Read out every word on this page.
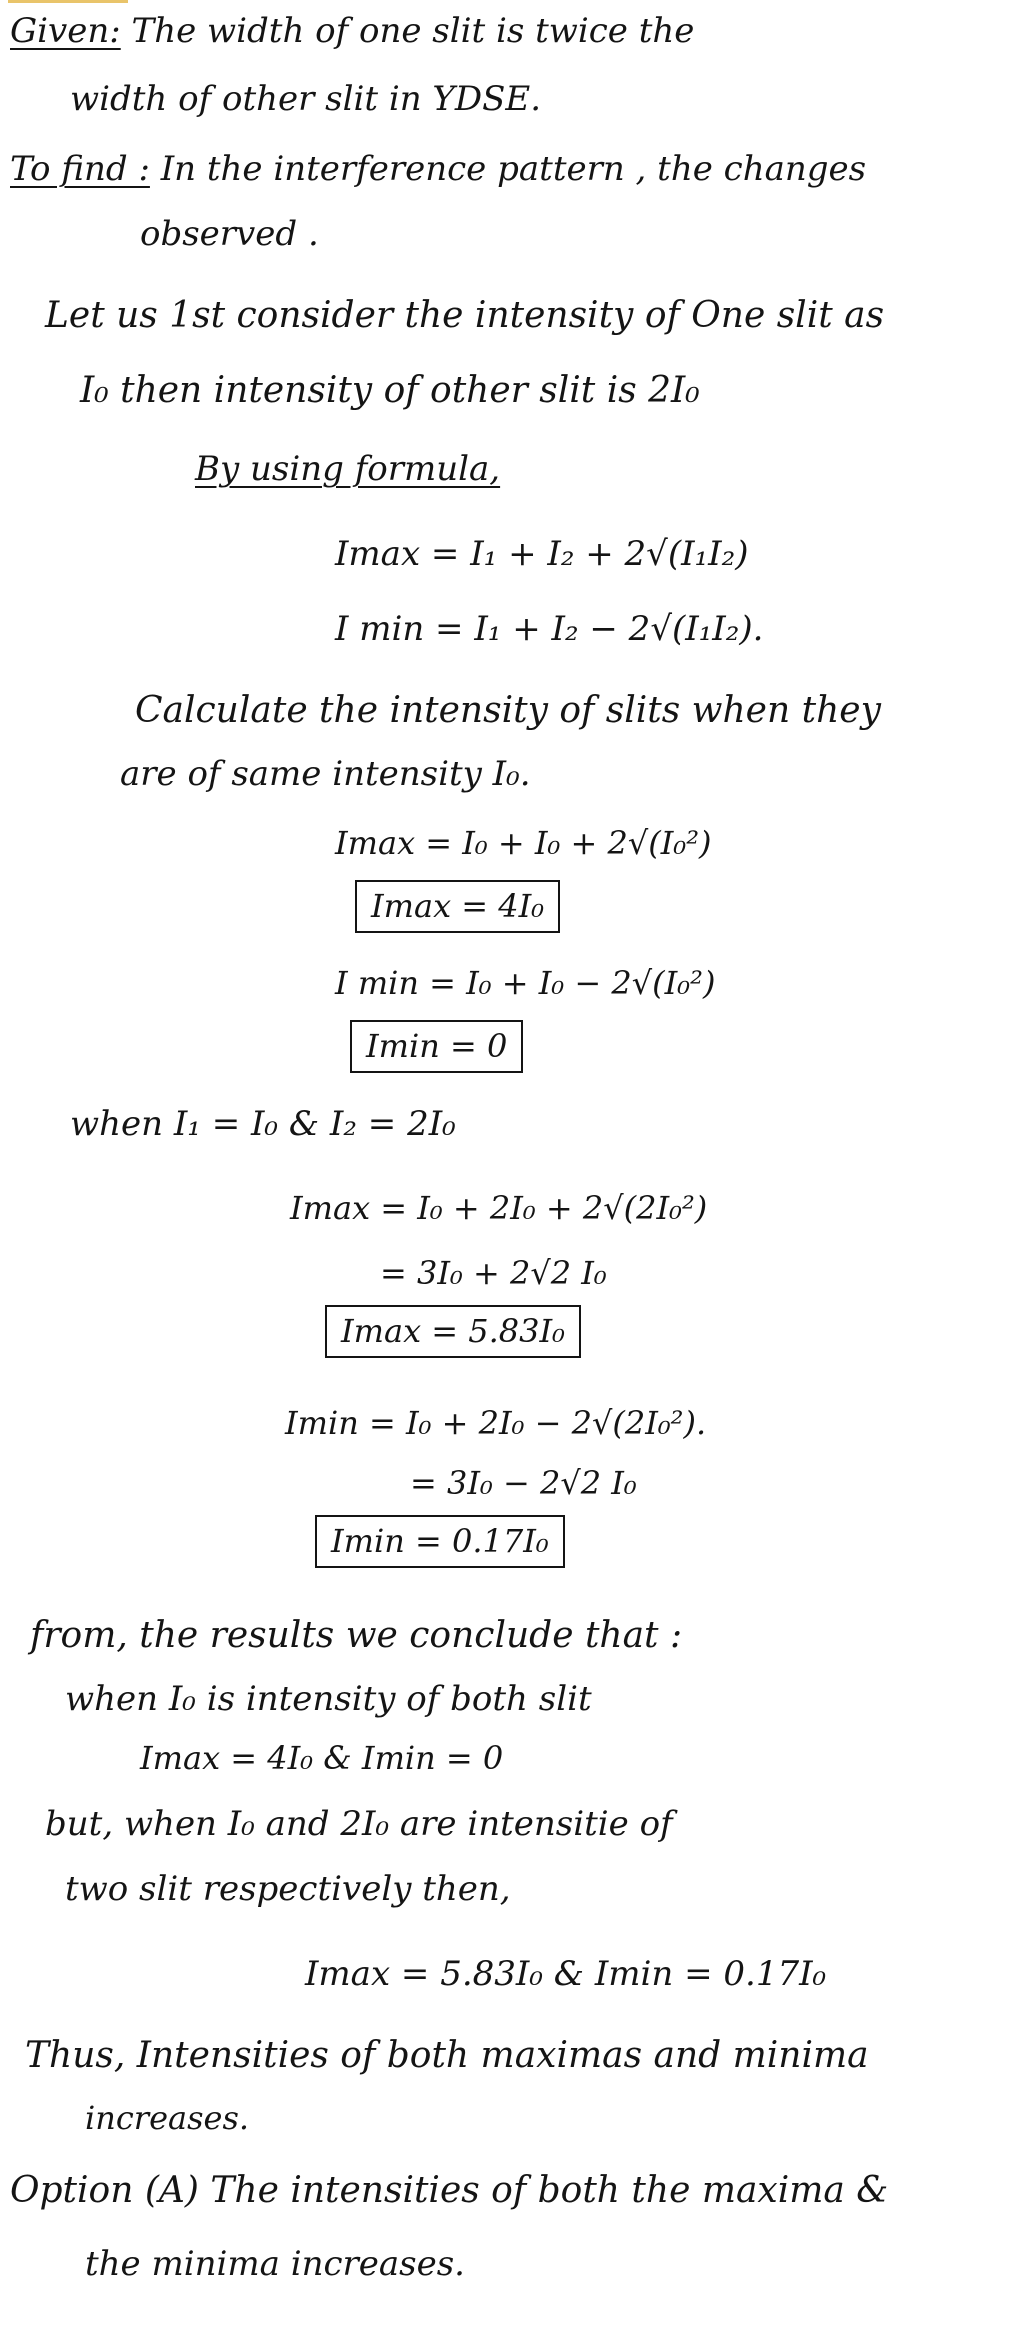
Given: The width of one slit is twice the
width of other slit in YDSE.
To find : In the interference pattern , the changes
observed .
Let us 1st consider the intensity of One slit as
I₀ then intensity of other slit is 2I₀
By using formula,
Imax = I₁ + I₂ + 2√(I₁I₂)
I min = I₁ + I₂ − 2√(I₁I₂).
Calculate the intensity of slits when they
are of same intensity I₀.
Imax = I₀ + I₀ + 2√(I₀²)
Imax = 4I₀
I min = I₀ + I₀ − 2√(I₀²)
Imin = 0
when I₁ = I₀ & I₂ = 2I₀
Imax = I₀ + 2I₀ + 2√(2I₀²)
= 3I₀ + 2√2 I₀
Imax = 5.83I₀
Imin = I₀ + 2I₀ − 2√(2I₀²).
= 3I₀ − 2√2 I₀
Imin = 0.17I₀
from, the results we conclude that :
when I₀ is intensity of both slit
Imax = 4I₀ & Imin = 0
but, when I₀ and 2I₀ are intensitie of
two slit respectively then,
Imax = 5.83I₀ & Imin = 0.17I₀
Thus, Intensities of both maximas and minima
increases.
Option (A) The intensities of both the maxima &
the minima increases.
